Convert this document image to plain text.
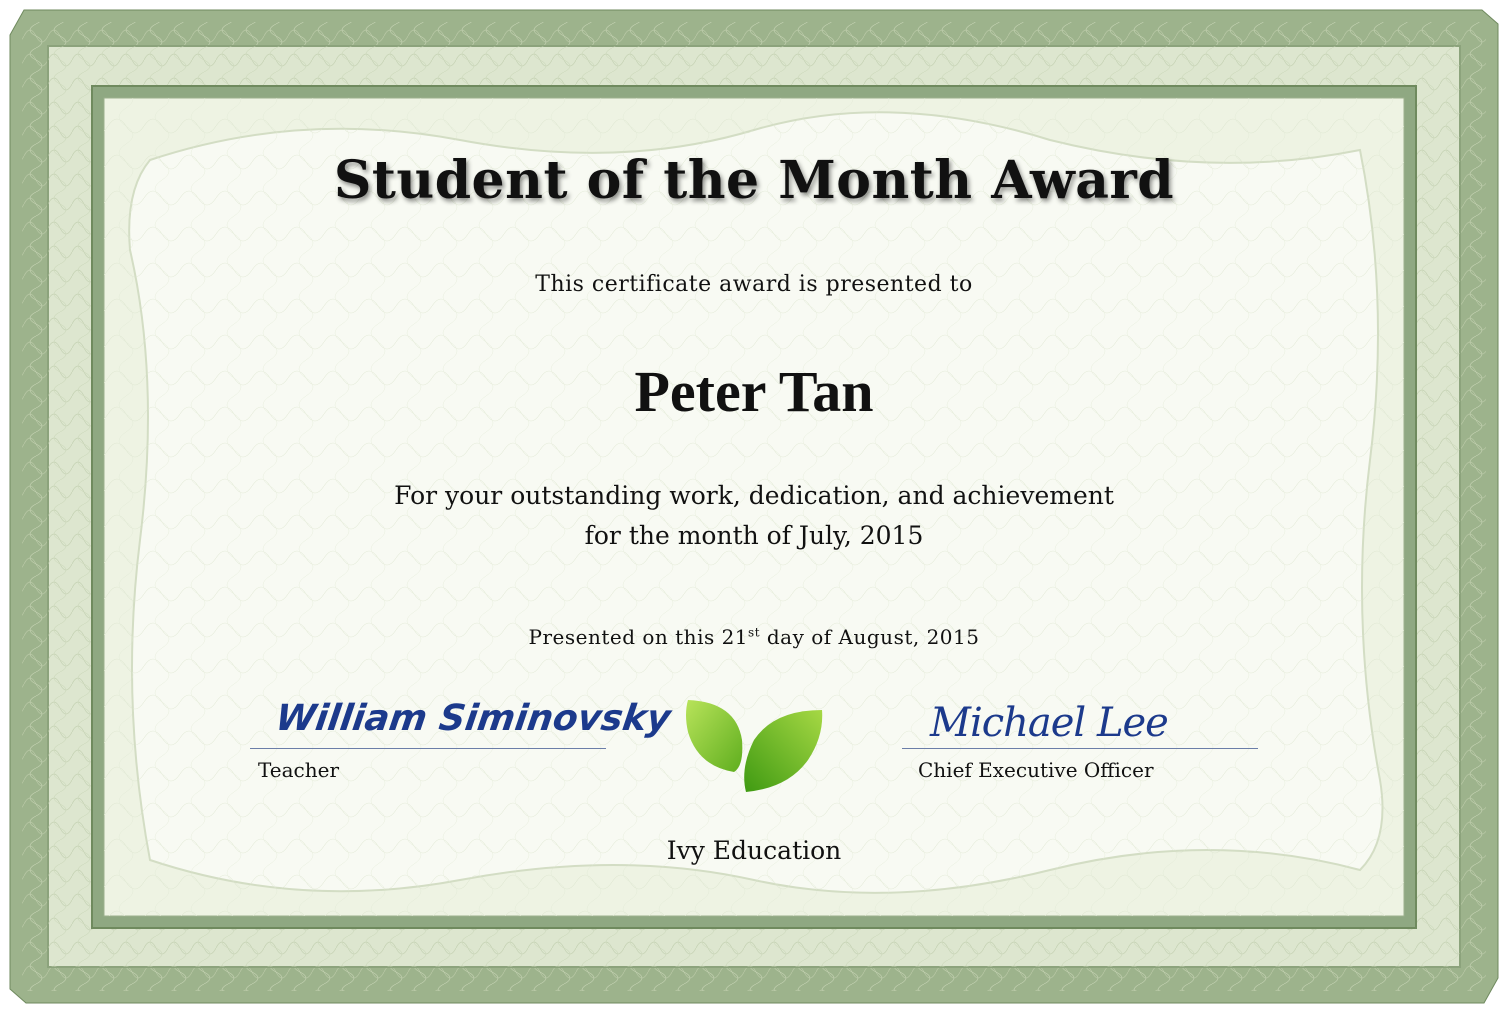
Student of the Month Award
This certificate award is presented to
Peter Tan
For your outstanding work, dedication, and achievement
for the month of July, 2015
Presented on this 21st day of August, 2015
William Siminovsky
Teacher
Michael Lee
Chief Executive Officer
Ivy Education
